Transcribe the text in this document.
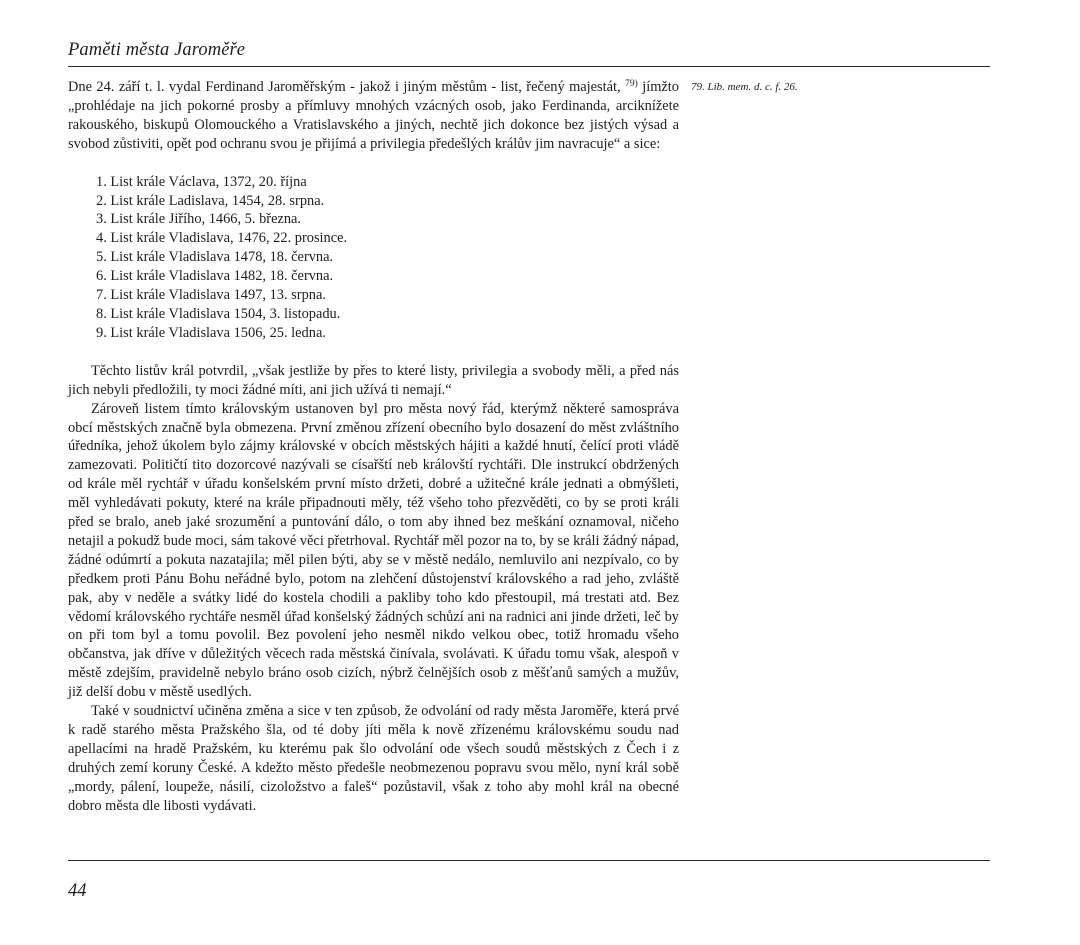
Paměti města Jaroměře

Dne 24. září t. l. vydal Ferdinand Jaroměřským - jakož i jiným městům - list, řečený majestát, $^{79)}$ jímžto „prohlédaje na jich pokorné prosby a přímluvy mnohých vzácných osob, jako Ferdinanda, arciknížete rakouského, biskupů Olomouckého a Vratislavského a jiných, nechtě jich dokonce bez jistých výsad a svobod zůstiviti, opět pod ochranu svou je přijímá a privilegia předešlých králův jim navracuje“ a sice:

1. List krále Václava, 1372, 20. října
2. List krále Ladislava, 1454, 28. srpna.
3. List krále Jiřího, 1466, 5. března.
4. List krále Vladislava, 1476, 22. prosince.
5. List krále Vladislava 1478, 18. června.
6. List krále Vladislava 1482, 18. června.
7. List krále Vladislava 1497, 13. srpna.
8. List krále Vladislava 1504, 3. listopadu.
9. List krále Vladislava 1506, 25. ledna.

Těchto listův král potvrdil, „však jestliže by přes to které listy, privilegia a svobody měli, a před nás jich nebyli předložili, ty moci žádné míti, ani jich užívá ti nemají.“

Zároveň listem tímto královským ustanoven byl pro města nový řád, kterýmž některé samospráva obcí městských značně byla obmezena. První změnou zřízení obecního bylo dosazení do měst zvláštního úředníka, jehož úkolem bylo zájmy královské v obcích městských hájiti a každé hnutí, čelící proti vládě zamezovati. Političtí tito dozorcové nazývali se císařští neb královští rychtáři. Dle instrukcí obdržených od krále měl rychtář v úřadu konšelském první místo držeti, dobré a užitečné krále jednati a obmýšleti, měl vyhledávati pokuty, které na krále připadnouti měly, též všeho toho přezvěděti, co by se proti králi před se bralo, aneb jaké srozumění a puntování dálo, o tom aby ihned bez meškání oznamoval, ničeho netajil a pokudž bude moci, sám takové věci přetrhoval. Rychtář měl pozor na to, by se králi žádný nápad, žádné odúmrtí a pokuta nazatajila; měl pilen býti, aby se v městě nedálo, nemluvilo ani nezpívalo, co by předkem proti Pánu Bohu neřádné bylo, potom na zlehčení důstojenství královského a rad jeho, zvláště pak, aby v neděle a svátky lidé do kostela chodili a pakliby toho kdo přestoupil, má trestati atd. Bez vědomí královského rychtáře nesměl úřad konšelský žádných schůzí ani na radnici ani jinde držeti, leč by on při tom byl a tomu povolil. Bez povolení jeho nesměl nikdo velkou obec, totiž hromadu všeho občanstva, jak dříve v důležitých věcech rada městská činívala, svolávati. K úřadu tomu však, alespoň v městě zdejším, pravidelně nebylo bráno osob cizích, nýbrž čelnějších osob z měšťanů samých a mužův, již delší dobu v městě usedlých.

Také v soudnictví učiněna změna a sice v ten způsob, že odvolání od rady města Jaroměře, která prvé k radě starého města Pražského šla, od té doby jíti měla k nově zřízenému královskému soudu nad apellacími na hradě Pražském, ku kterému pak šlo odvolání ode všech soudů městských z Čech i z druhých zemí koruny České. A kdežto město předešle neobmezenou popravu svou mělo, nyní král sobě „mordy, pálení, loupeže, násilí, cizoložstvo a faleš“ pozůstavil, však z toho aby mohl král na obecné dobro města dle libosti vydávati.

79. Lib. mem. d. c. f. 26.
44
